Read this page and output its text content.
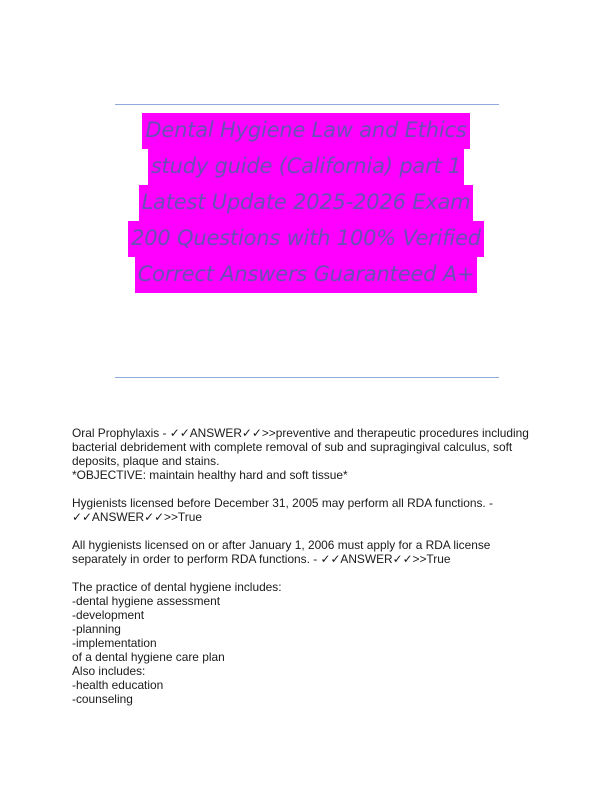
Dental Hygiene Law and Ethics
study guide (California) part 1
Latest Update 2025-2026 Exam
200 Questions with 100% Verified
Correct Answers Guaranteed A+
Oral Prophylaxis - ✓✓ANSWER✓✓>>preventive and therapeutic procedures including
bacterial debridement with complete removal of sub and supragingival calculus, soft
deposits, plaque and stains.
*OBJECTIVE: maintain healthy hard and soft tissue*
Hygienists licensed before December 31, 2005 may perform all RDA functions. -
✓✓ANSWER✓✓>>True
All hygienists licensed on or after January 1, 2006 must apply for a RDA license
separately in order to perform RDA functions. - ✓✓ANSWER✓✓>>True
The practice of dental hygiene includes:
-dental hygiene assessment
-development
-planning
-implementation
of a dental hygiene care plan
Also includes:
-health education
-counseling
